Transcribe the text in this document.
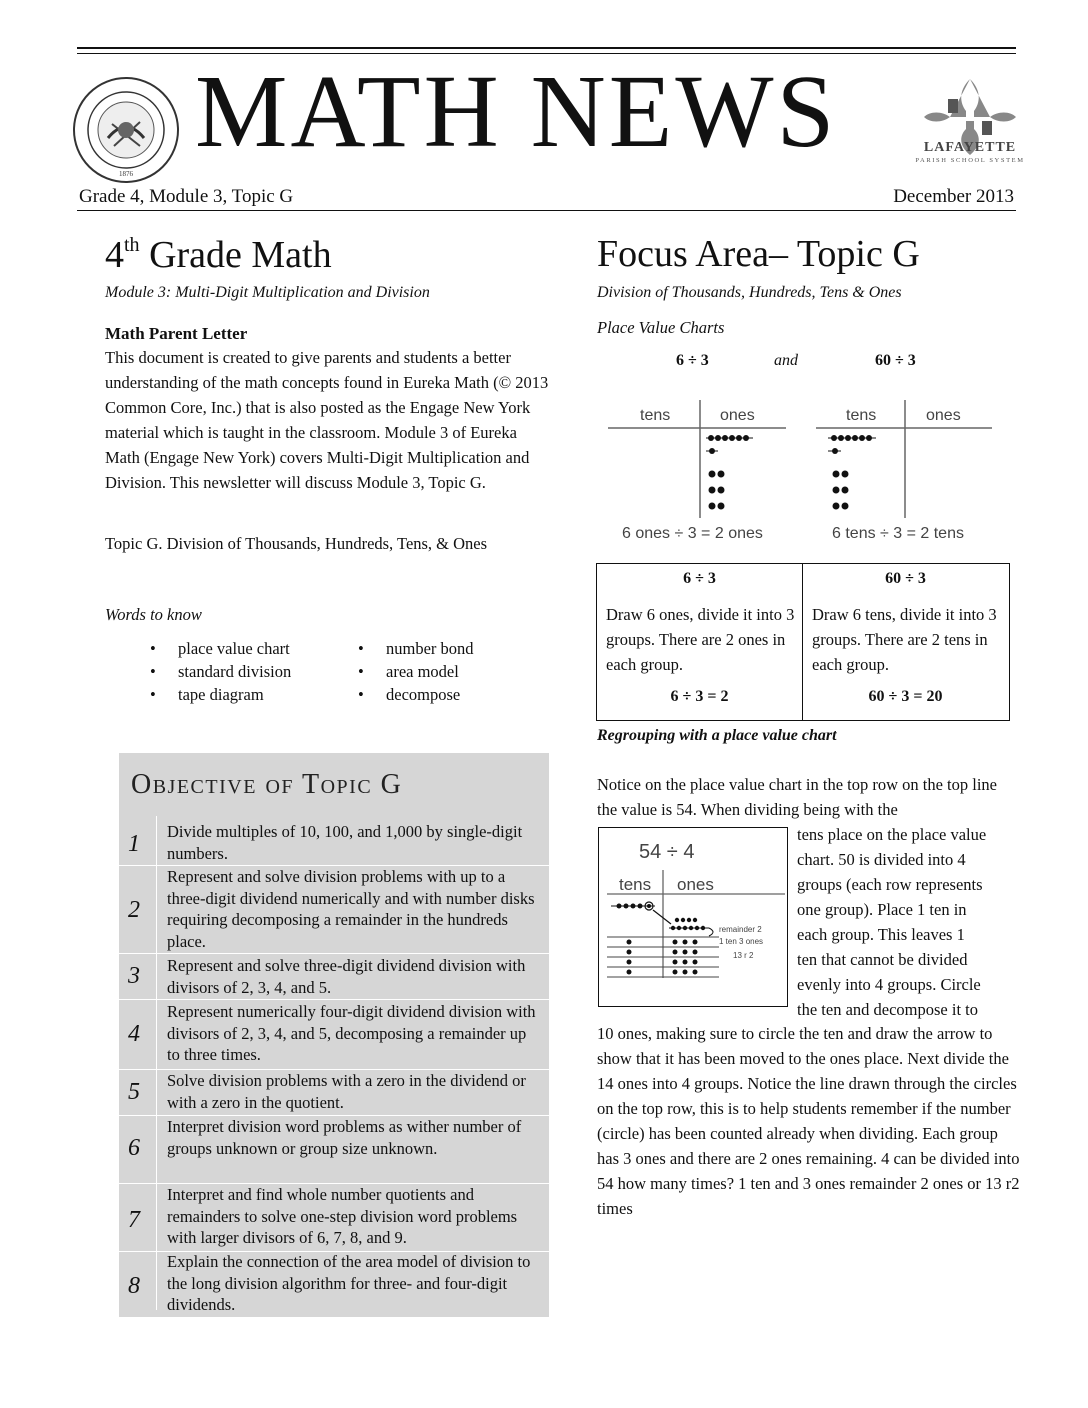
1876
MATH NEWS	LAFAYETTE
PARISH SCHOOL SYSTEM
Grade 4, Module 3, Topic G	December 2013
4th Grade Math
Module 3: Multi-Digit Multiplication and Division
Math Parent Letter
This document is created to give parents and students a better understanding of the math concepts found in Eureka Math (© 2013 Common Core, Inc.) that is also posted as the Engage New York material which is taught in the classroom. Module 3 of Eureka Math (Engage New York) covers Multi-Digit Multiplication and Division. This newsletter will discuss Module 3, Topic G.
Topic G. Division of Thousands, Hundreds, Tens, & Ones
Words to know
• place value chart
• standard division
• tape diagram
• number bond
• area model
• decompose
Objective of Topic G
1 Divide multiples of 10, 100, and 1,000 by single-digit numbers.
2
Represent and solve division problems with up to a three-digit dividend numerically and with number disks requiring decomposing a remainder in the hundreds place.
3 Represent and solve three-digit dividend division with divisors of 2, 3, 4, and 5.
4
Represent numerically four-digit dividend division with divisors of 2, 3, 4, and 5, decomposing a remainder up to three times.
5 Solve division problems with a zero in the dividend or with a zero in the quotient.
6
Interpret division word problems as wither number of groups unknown or group size unknown.
7
Interpret and find whole number quotients and remainders to solve one-step division word problems with larger divisors of 6, 7, 8, and 9.
8
Explain the connection of the area model of division to the long division algorithm for three- and four-digit dividends.
Focus Area– Topic G
Division of Thousands, Hundreds, Tens & Ones
Place Value Charts
6 ÷ 3	and	60 ÷ 3
tens	ones
6 ones ÷ 3 = 2 ones
tens	ones
6 tens ÷ 3 = 2 tens
6 ÷ 3	60 ÷ 3
Draw 6 ones, divide it into 3 groups. There are 2 ones in each group.
Draw 6 tens, divide it into 3 groups. There are 2 tens in each group.
6 ÷ 3 = 2	60 ÷ 3 = 20
Regrouping with a place value chart
Notice on the place value chart in the top row on the top line the value is 54. When dividing being with the
54 ÷ 4
tens ones
remainder 2
1 ten 3 ones
13 r 2
tens place on the place value
chart. 50 is divided into 4
groups (each row represents
one group). Place 1 ten in
each group. This leaves 1
ten that cannot be divided
evenly into 4 groups. Circle
the ten and decompose it to
10 ones, making sure to circle the ten and draw the arrow to show that it has been moved to the ones place. Next divide the 14 ones into 4 groups. Notice the line drawn through the circles on the top row, this is to help students remember if the number (circle) has been counted already when dividing. Each group has 3 ones and there are 2 ones remaining. 4 can be divided into 54 how many times? 1 ten and 3 ones remainder 2 ones or 13 r2 times
